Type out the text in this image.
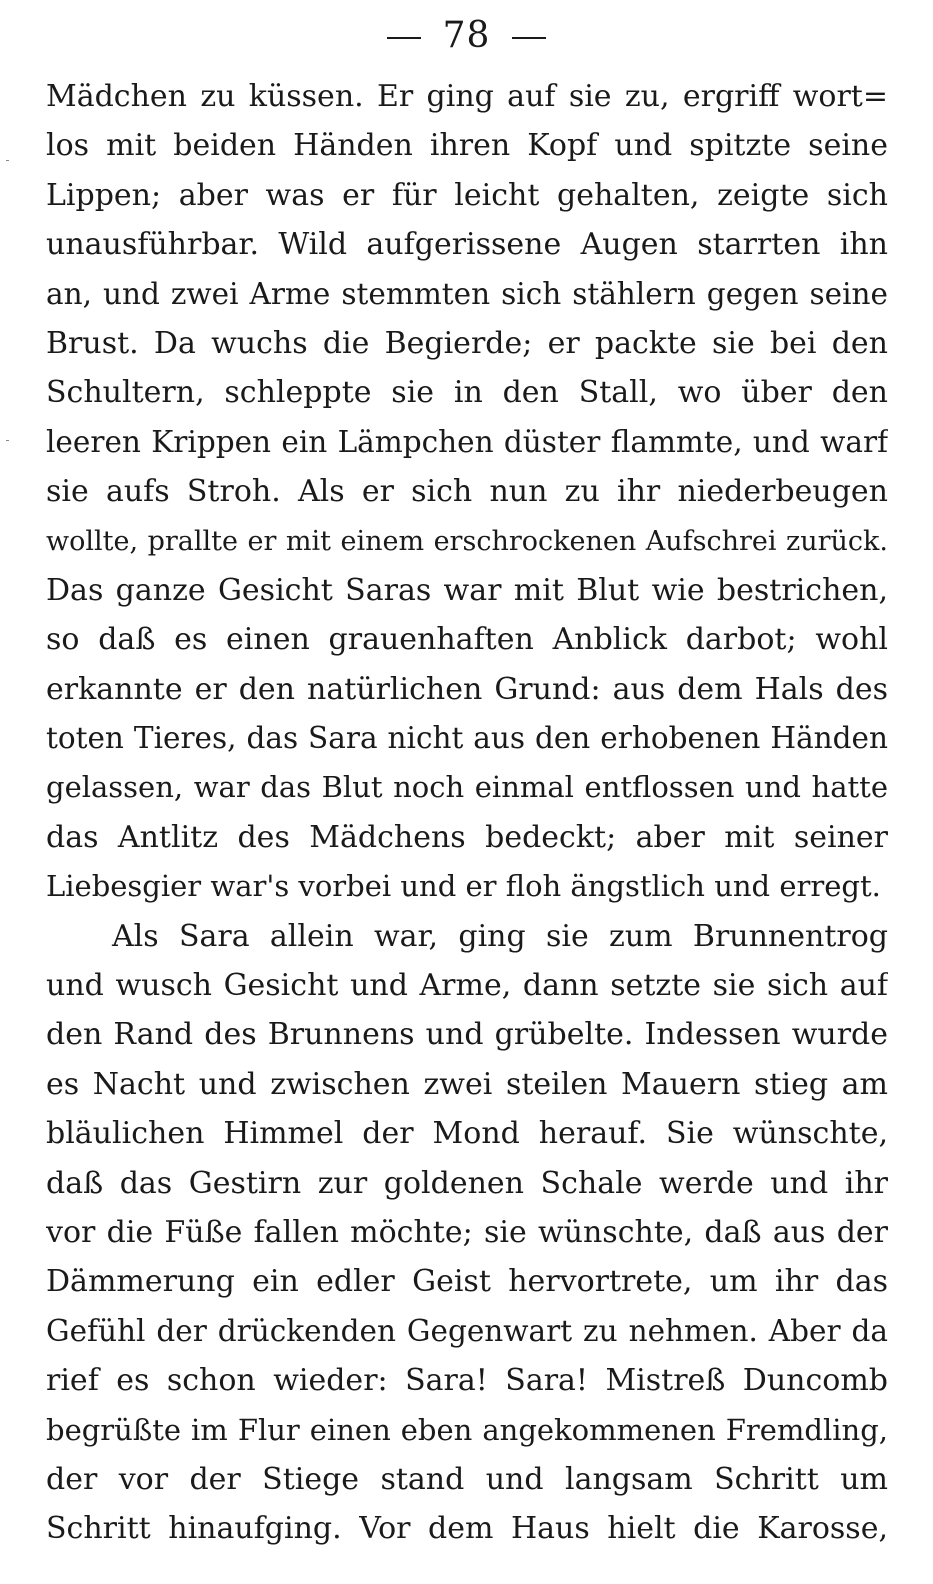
78
Mädchen zu küssen. Er ging auf sie zu, ergriff wort=
los mit beiden Händen ihren Kopf und spitzte seine
Lippen; aber was er für leicht gehalten, zeigte sich
unausführbar. Wild aufgerissene Augen starrten ihn
an, und zwei Arme stemmten sich stählern gegen seine
Brust. Da wuchs die Begierde; er packte sie bei den
Schultern, schleppte sie in den Stall, wo über den
leeren Krippen ein Lämpchen düster flammte, und warf
sie aufs Stroh. Als er sich nun zu ihr niederbeugen
wollte, prallte er mit einem erschrockenen Aufschrei zurück.
Das ganze Gesicht Saras war mit Blut wie bestrichen,
so daß es einen grauenhaften Anblick darbot; wohl
erkannte er den natürlichen Grund: aus dem Hals des
toten Tieres, das Sara nicht aus den erhobenen Händen
gelassen, war das Blut noch einmal entflossen und hatte
das Antlitz des Mädchens bedeckt; aber mit seiner
Liebesgier war's vorbei und er floh ängstlich und erregt.
Als Sara allein war, ging sie zum Brunnentrog
und wusch Gesicht und Arme, dann setzte sie sich auf
den Rand des Brunnens und grübelte. Indessen wurde
es Nacht und zwischen zwei steilen Mauern stieg am
bläulichen Himmel der Mond herauf. Sie wünschte,
daß das Gestirn zur goldenen Schale werde und ihr
vor die Füße fallen möchte; sie wünschte, daß aus der
Dämmerung ein edler Geist hervortrete, um ihr das
Gefühl der drückenden Gegenwart zu nehmen. Aber da
rief es schon wieder: Sara! Sara! Mistreß Duncomb
begrüßte im Flur einen eben angekommenen Fremdling,
der vor der Stiege stand und langsam Schritt um
Schritt hinaufging. Vor dem Haus hielt die Karosse,
